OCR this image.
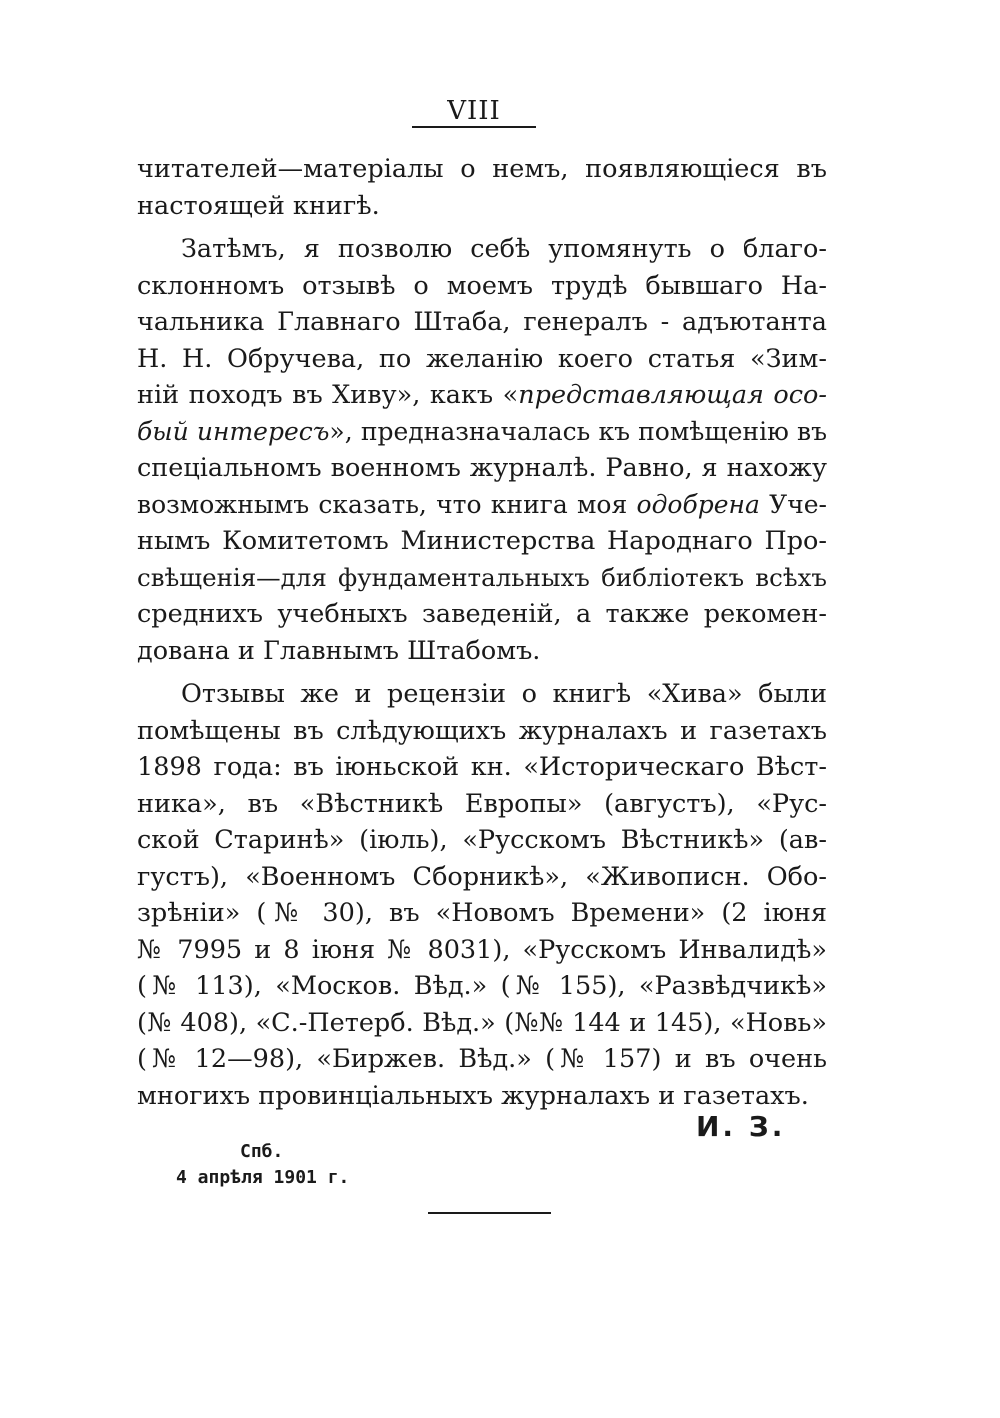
VIII
читателей—матеріалы о немъ, появляющіеся въ
настоящей книгѣ.
Затѣмъ, я позволю себѣ упомянуть о благо-
склонномъ отзывѣ о моемъ трудѣ бывшаго На-
чальника Главнаго Штаба, генералъ - адъютанта
Н. Н. Обручева, по желанію коего статья «Зим-
ній походъ въ Хиву», какъ «представляющая осо-
бый интересъ», предназначалась къ помѣщенію въ
спеціальномъ военномъ журналѣ. Равно, я нахожу
возможнымъ сказать, что книга моя одобрена Уче-
нымъ Комитетомъ Министерства Народнаго Про-
свѣщенія—для фундаментальныхъ библіотекъ всѣхъ
среднихъ учебныхъ заведеній, а также рекомен-
дована и Главнымъ Штабомъ.
Отзывы же и рецензіи о книгѣ «Хива» были
помѣщены въ слѣдующихъ журналахъ и газетахъ
1898 года: въ іюньской кн. «Историческаго Вѣст-
ника», въ «Вѣстникѣ Европы» (августъ), «Рус-
ской Старинѣ» (іюль), «Русскомъ Вѣстникѣ» (ав-
густъ), «Военномъ Сборникѣ», «Живописн. Обо-
зрѣніи» (№ 30), въ «Новомъ Времени» (2 іюня
№ 7995 и 8 іюня № 8031), «Русскомъ Инвалидѣ»
(№ 113), «Москов. Вѣд.» (№ 155), «Развѣдчикѣ»
(№ 408), «С.-Петерб. Вѣд.» (№№ 144 и 145), «Новь»
(№ 12—98), «Биржев. Вѣд.» (№ 157) и въ очень
многихъ провинціальныхъ журналахъ и газетахъ.
И. З.
Спб.
4 апрѣля 1901 г.
